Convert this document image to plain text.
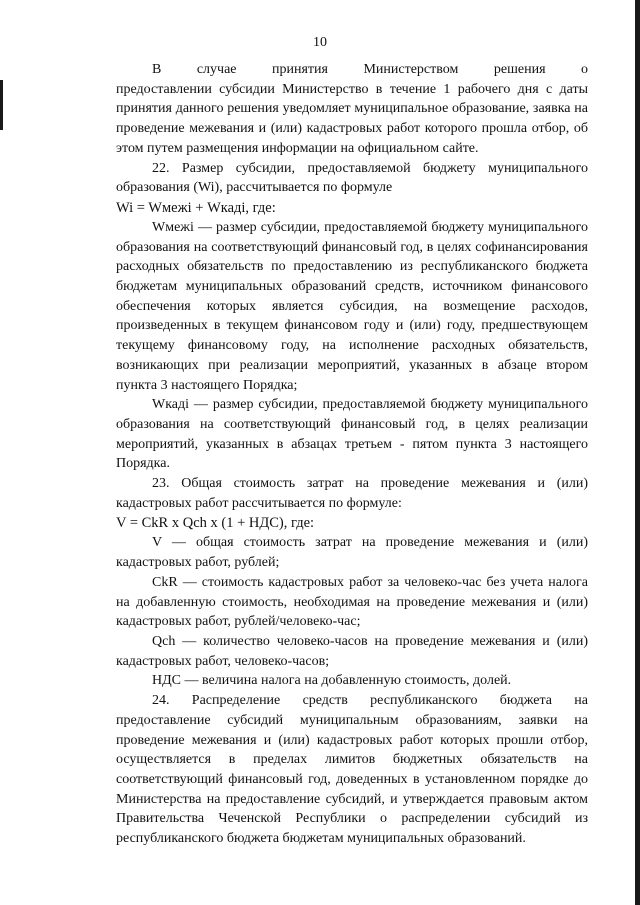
10

В случае принятия Министерством решения о

предоставлении субсидии Министерство в течение 1 рабочего дня с даты принятия данного решения уведомляет муниципальное образование, заявка на проведение межевания и (или) кадастровых работ которого прошла отбор, об этом путем размещения информации на официальном сайте.

22. Размер субсидии, предоставляемой бюджету муниципального образования (Wi), рассчитывается по формуле

Wi = Wмежі + Wкаді, где:

Wмежі — размер субсидии, предоставляемой бюджету муниципального образования на соответствующий финансовый год, в целях софинансирования расходных обязательств по предоставлению из республиканского бюджета бюджетам муниципальных образований средств, источником финансового обеспечения которых является субсидия, на возмещение расходов, произведенных в текущем финансовом году и (или) году, предшествующем текущему финансовому году, на исполнение расходных обязательств, возникающих при реализации мероприятий, указанных в абзаце втором пункта 3 настоящего Порядка;

Wкаді — размер субсидии, предоставляемой бюджету муниципального образования на соответствующий финансовый год, в целях реализации мероприятий, указанных в абзацах третьем - пятом пункта 3 настоящего Порядка.

23. Общая стоимость затрат на проведение межевания и (или) кадастровых работ рассчитывается по формуле:

V = CkR x Qch x (1 + НДС), где:

V — общая стоимость затрат на проведение межевания и (или) кадастровых работ, рублей;

CkR — стоимость кадастровых работ за человеко-час без учета налога на добавленную стоимость, необходимая на проведение межевания и (или) кадастровых работ, рублей/человеко-час;

Qch — количество человеко-часов на проведение межевания и (или) кадастровых работ, человеко-часов;

НДС — величина налога на добавленную стоимость, долей.

24. Распределение средств республиканского бюджета на предоставление субсидий муниципальным образованиям, заявки на проведение межевания и (или) кадастровых работ которых прошли отбор, осуществляется в пределах лимитов бюджетных обязательств на соответствующий финансовый год, доведенных в установленном порядке до Министерства на предоставление субсидий, и утверждается правовым актом Правительства Чеченской Республики о распределении субсидий из республиканского бюджета бюджетам муниципальных образований.
